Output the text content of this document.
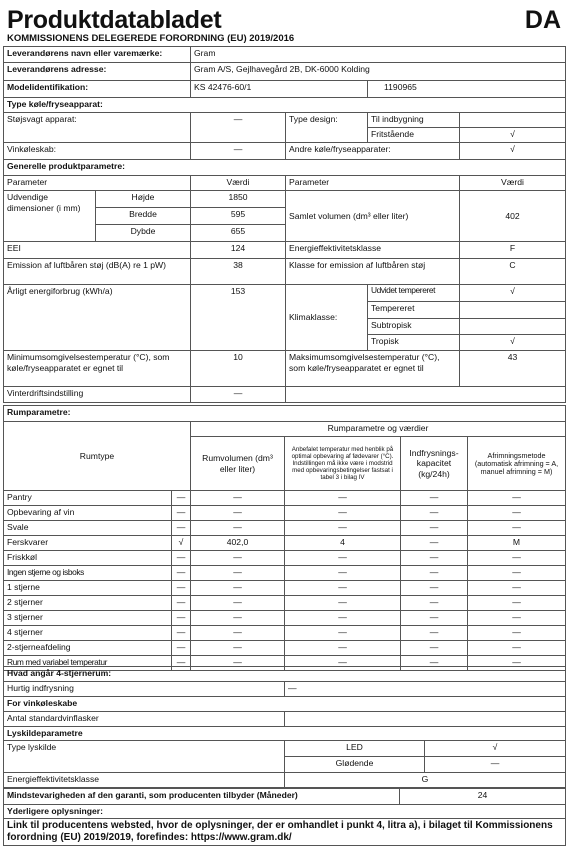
Produktdatabladet	DA
KOMMISSIONENS DELEGEREDE FORORDNING (EU) 2019/2016
Leverandørens navn eller varemærke:		Gram			
Leverandørens adresse:		Gram A/S, Gejlhavegård 2B, DK-6000 Kolding			
Modelidentifikation:		KS 42476-60/1		1190965	
Type køle/fryseapparat:					
Støjsvagt apparat:		—	Type design:	Til indbygning	
				Fritstående	√
Vinkøleskab:		—	Andre køle/fryseapparater:		√
Generelle produktparametre:					
Parameter		Værdi	Parameter		Værdi
Udvendige dimensioner (i mm)	Højde	1850	Samlet volumen (dm³ eller liter)		402
	Bredde	595			
	Dybde	655			
EEI		124	Energieffektivitetsklasse		F
Emission af luftbåren støj (dB(A) re 1 pW)		38	Klasse for emission af luftbåren støj		C
Årligt energiforbrug (kWh/a)		153	Klimaklasse:	Udvidet tempereret	√
				Tempereret	
				Subtropisk	
				Tropisk	√
Minimumsomgivelsestemperatur (°C), som køle/fryseapparatet er egnet til		10	Maksimumsomgivelsestemperatur (°C), som køle/fryseapparatet er egnet til		43
Vinterdriftsindstilling		—			
Rumparametre:					
Rumtype		Rumparametre og værdier			
		Rumvolumen (dm³ eller liter)	Anbefalet temperatur med henblik på optimal opbevaring af fødevarer (°C). Indstillingen må ikke være i modstrid med opbevaringsbetingelser fastsat i tabel 3 i bilag IV	Indfrysnings-kapacitet (kg/24h)	Afrimningsmetode (automatisk afrimning = A, manuel afrimning = M)
Pantry	—	—	—	—	—
Opbevaring af vin	—	—	—	—	—
Svale	—	—	—	—	—
Ferskvarer	√	402,0	4	—	M
Friskkøl	—	—	—	—	—
Ingen stjerne og isboks	—	—	—	—	—
1 stjerne	—	—	—	—	—
2 stjerner	—	—	—	—	—
3 stjerner	—	—	—	—	—
4 stjerner	—	—	—	—	—
2-stjerneafdeling	—	—	—	—	—
Rum med variabel temperatur	—	—	—	—	—
Hvad angår 4-stjernerum:		
Hurtig indfrysning	—	
For vinkøleskabe		
Antal standardvinflasker		
Lyskildeparametre		
Type lyskilde	LED	√
	Glødende	—
Energieffektivitetsklasse	G	
Mindstevarigheden af den garanti, som producenten tilbyder (Måneder)	24
Yderligere oplysninger:
Link til producentens websted, hvor de oplysninger, der er omhandlet i punkt 4, litra a), i bilaget til Kommissionens forordning (EU) 2019/2019, forefindes: https://www.gram.dk/
